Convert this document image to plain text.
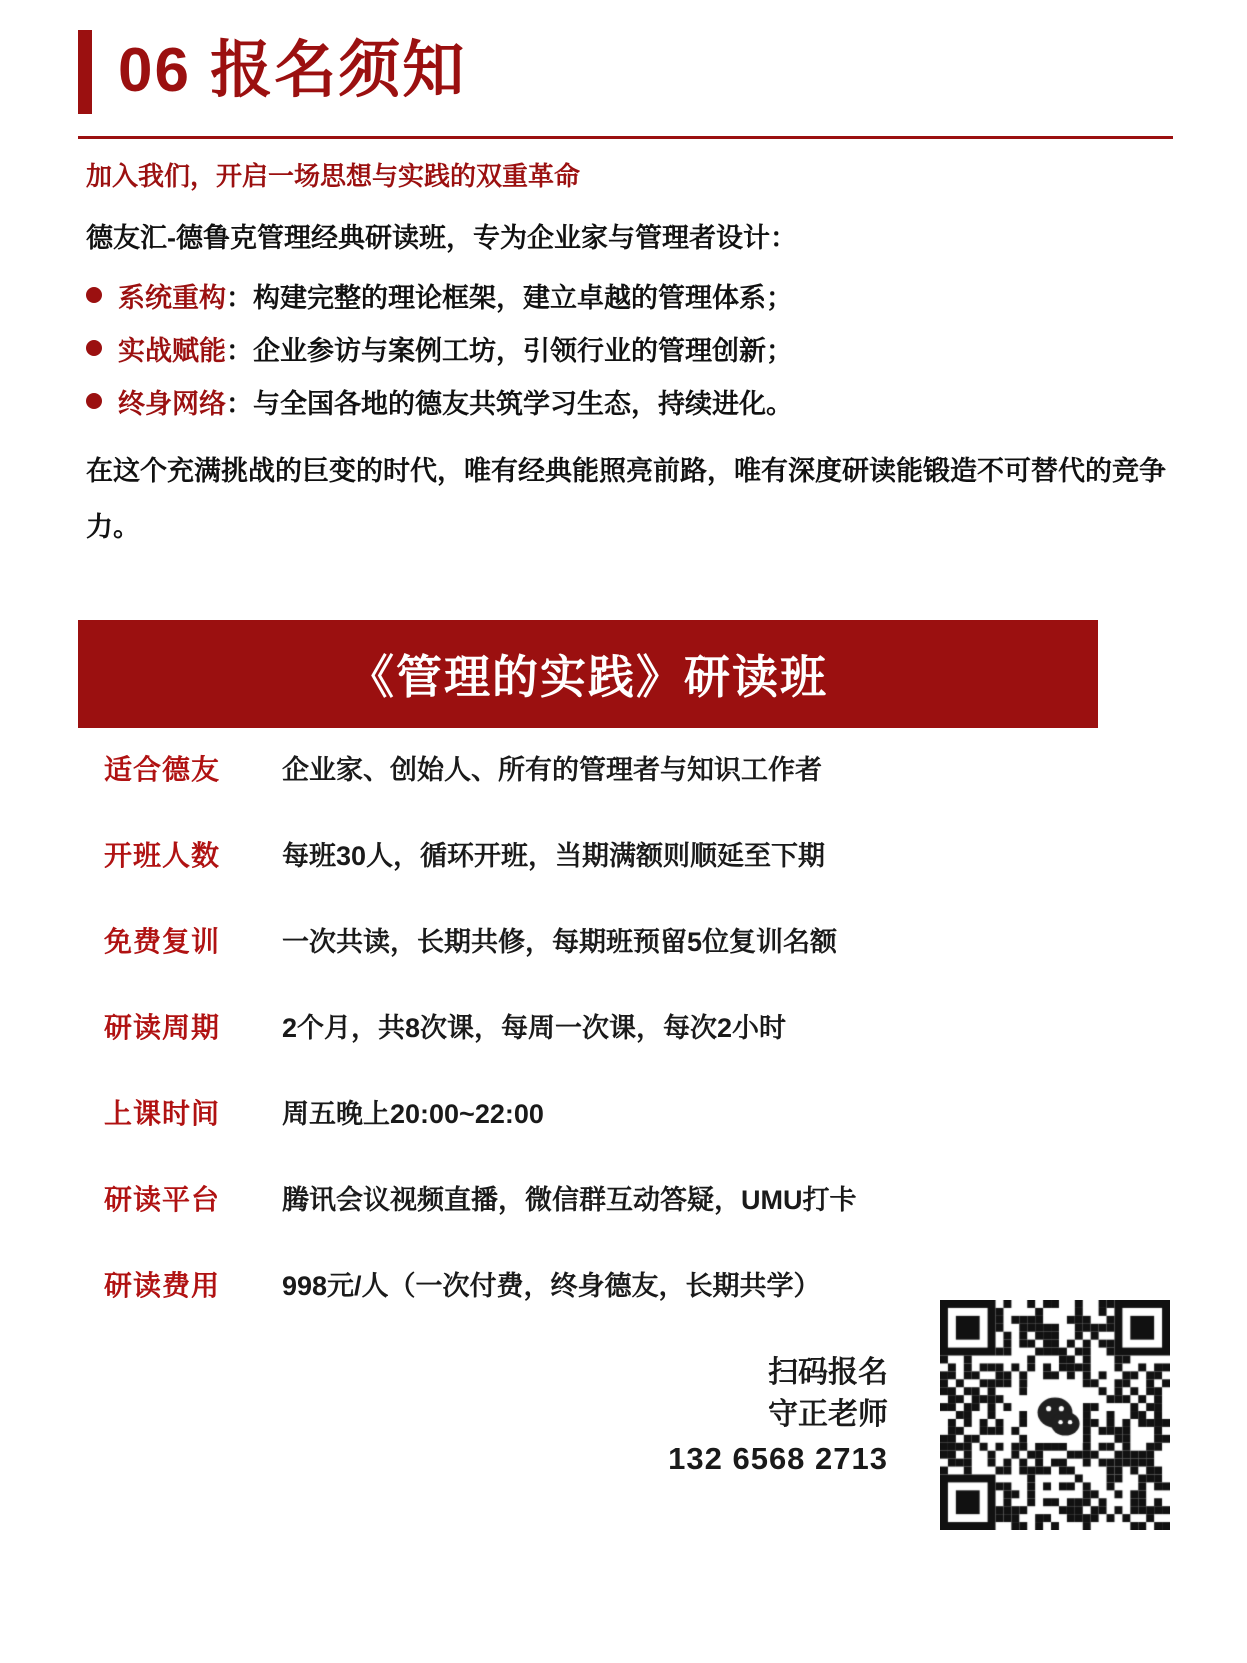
06 报名须知
加入我们，开启一场思想与实践的双重革命
德友汇-德鲁克管理经典研读班，专为企业家与管理者设计：
系统重构 ： 构建完整的理论框架，建立卓越的管理体系；
实战赋能 ： 企业参访与案例工坊，引领行业的管理创新；
终身网络 ： 与全国各地的德友共筑学习生态，持续进化。
在这个充满挑战的巨变的时代，唯有经典能照亮前路，唯有深度研读能锻造不可替代的竞争力。
《管理的实践》研读班
适合德友	企业家、创始人、所有的管理者与知识工作者
开班人数	每班30人，循环开班，当期满额则顺延至下期
免费复训	一次共读，长期共修，每期班预留5位复训名额
研读周期	2个月，共8次课，每周一次课，每次2小时
上课时间	周五晚上20:00~22:00
研读平台	腾讯会议视频直播，微信群互动答疑，UMU打卡
研读费用	998元/人（一次付费，终身德友，长期共学）
扫码报名
守正老师
132 6568 2713
